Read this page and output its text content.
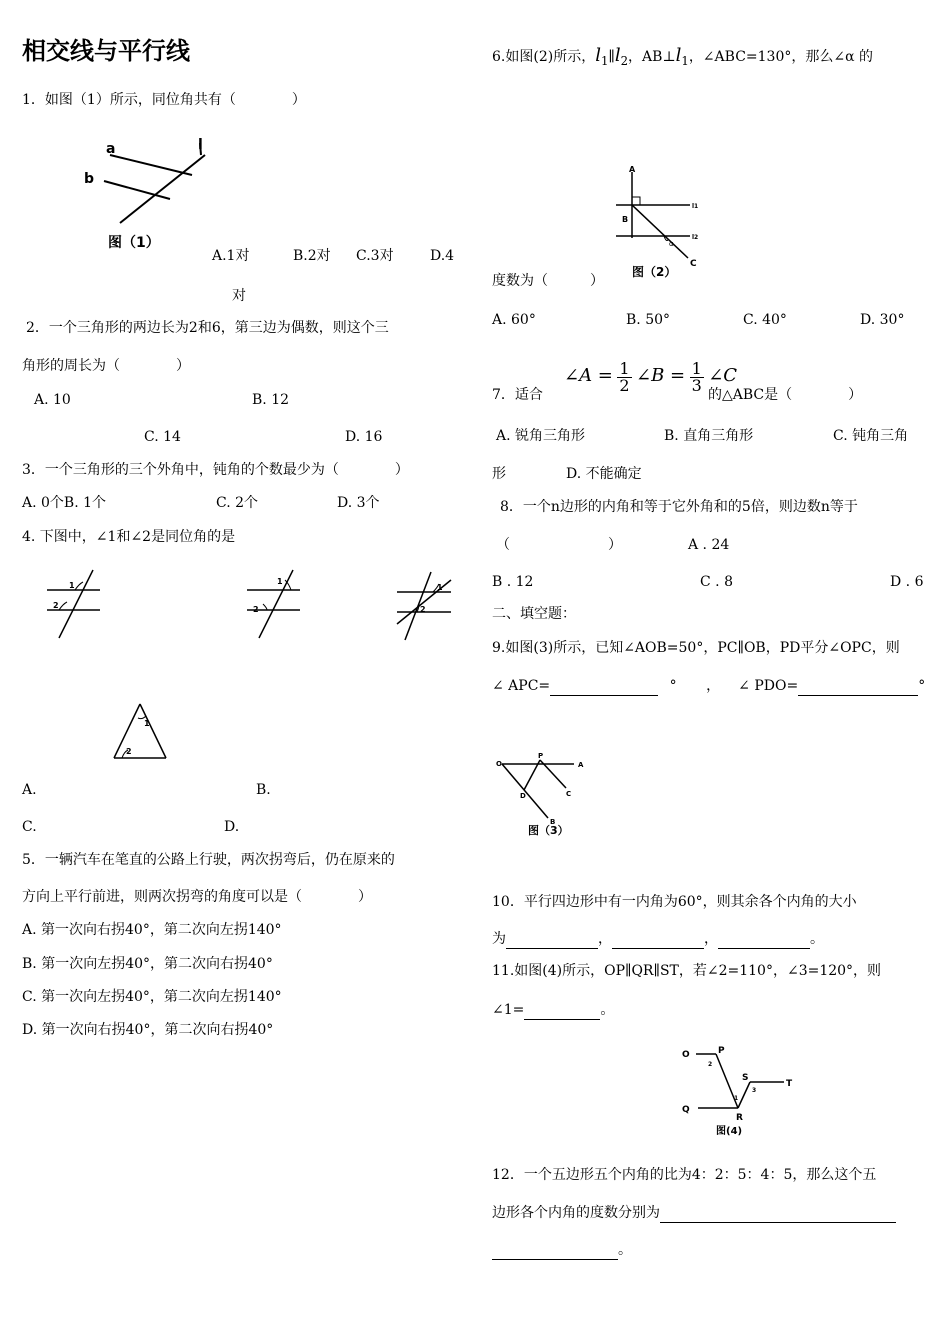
相交线与平行线
1．如图（1）所示，同位角共有（　　　　）
a
b
l
图（1）
A.1对	B.2对 C.3对	D.4
对
2．一个三角形的两边长为2和6，第三边为偶数，则这个三
角形的周长为（　　　　）
A. 10	B. 12
C. 14	D. 16
3．一个三角形的三个外角中，钝角的个数最少为（　　　　）
A. 0个B. 1个	C. 2个	D. 3个
4. 下图中，∠1和∠2是同位角的是
1
2
1
2
1
2
1
2
A.	B.
C.	D.
5．一辆汽车在笔直的公路上行驶，两次拐弯后，仍在原来的
方向上平行前进，则两次拐弯的角度可以是（　　　　）
A. 第一次向右拐40°，第二次向左拐140°
B. 第一次向左拐40°，第二次向右拐40°
C. 第一次向左拐40°，第二次向左拐140°
D. 第一次向右拐40°，第二次向右拐40°
6.如图(2)所示，$l_1\parallel l_2$，$AB\perp l_1$，∠ABC=130°，那么∠α 的
A
B
l1
l2
α
C
图（2）
度数为（　　　）
A. 60°	B. 50°	C. 40°	D. 30°
7．适合
∠A = $\frac{1}{2}$ ∠B = $\frac{1}{3}$ ∠C
的△ABC是（　　　　）
A. 锐角三角形	B. 直角三角形	C. 钝角三角
形	D. 不能确定
8．一个n边形的内角和等于它外角和的5倍，则边数n等于
（　　　　　　　）	A . 24
B . 12	C . 8	D . 6
二、填空题：
9.如图(3)所示，已知∠AOB=50°，PC∥OB，PD平分∠OPC，则
∠ APC=	° ， ∠ PDO=	°
O
P
A
D	C
B
图（3）
10．平行四边形中有一内角为60°，则其余各个内角的大小
为	，	，	。
11.如图(4)所示，OP∥QR∥ST，若∠2=110°，∠3=120°，则
∠1=	。
O	P
Q
R
S
T
1
2
3
图(4)
12．一个五边形五个内角的比为4：2：5：4：5，那么这个五
边形各个内角的度数分别为
。
